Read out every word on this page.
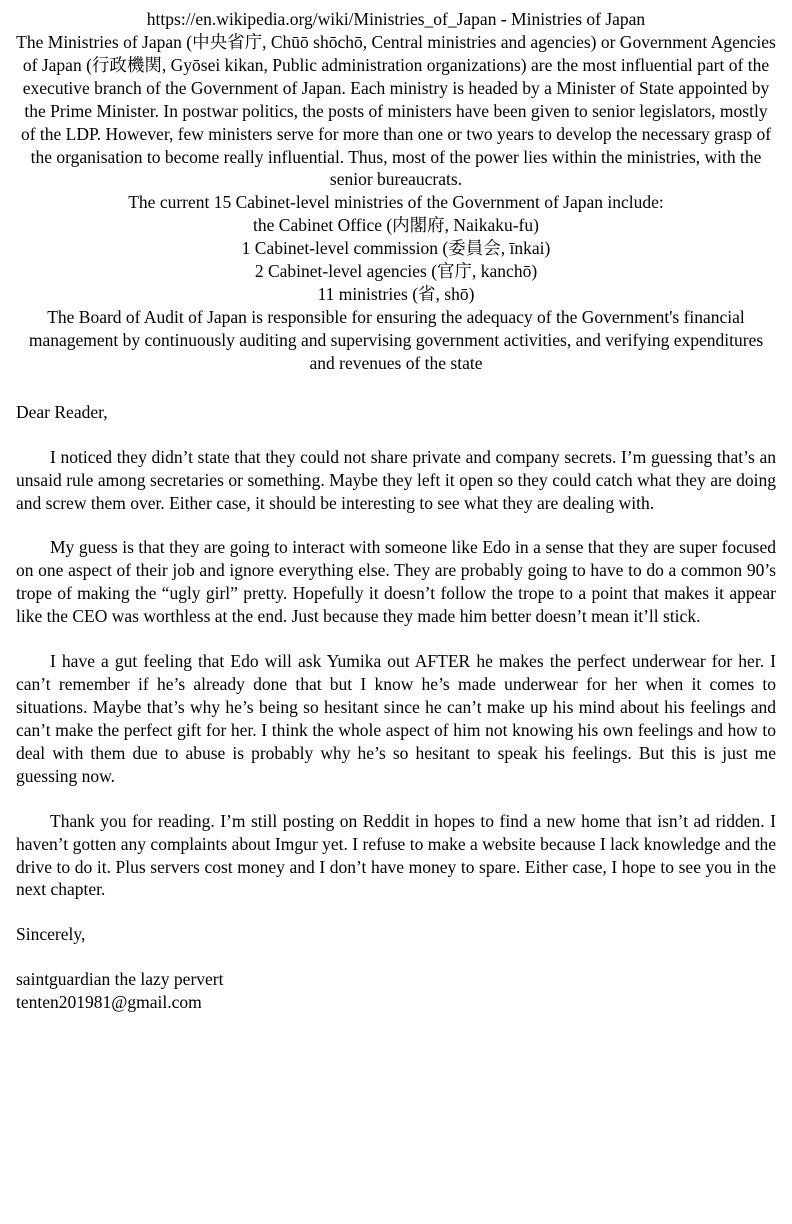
https://en.wikipedia.org/wiki/Ministries_of_Japan - Ministries of Japan

The Ministries of Japan (中央省庁, Chūō shōchō, Central ministries and agencies) or Government Agencies of Japan (行政機関, Gyōsei kikan, Public administration organizations) are the most influential part of the executive branch of the Government of Japan. Each ministry is headed by a Minister of State appointed by the Prime Minister. In postwar politics, the posts of ministers have been given to senior legislators, mostly of the LDP. However, few ministers serve for more than one or two years to develop the necessary grasp of the organisation to become really influential. Thus, most of the power lies within the ministries, with the senior bureaucrats.

The current 15 Cabinet-level ministries of the Government of Japan include:

the Cabinet Office (内閣府, Naikaku-fu)

1 Cabinet-level commission (委員会, īnkai)

2 Cabinet-level agencies (官庁, kanchō)

11 ministries (省, shō)

The Board of Audit of Japan is responsible for ensuring the adequacy of the Government's financial management by continuously auditing and supervising government activities, and verifying expenditures and revenues of the state

Dear Reader,

I noticed they didn’t state that they could not share private and company secrets. I’m guessing that’s an unsaid rule among secretaries or something. Maybe they left it open so they could catch what they are doing and screw them over. Either case, it should be interesting to see what they are dealing with.

My guess is that they are going to interact with someone like Edo in a sense that they are super focused on one aspect of their job and ignore everything else. They are probably going to have to do a common 90’s trope of making the “ugly girl” pretty. Hopefully it doesn’t follow the trope to a point that makes it appear like the CEO was worthless at the end. Just because they made him better doesn’t mean it’ll stick.

I have a gut feeling that Edo will ask Yumika out AFTER he makes the perfect underwear for her. I can’t remember if he’s already done that but I know he’s made underwear for her when it comes to situations. Maybe that’s why he’s being so hesitant since he can’t make up his mind about his feelings and can’t make the perfect gift for her. I think the whole aspect of him not knowing his own feelings and how to deal with them due to abuse is probably why he’s so hesitant to speak his feelings. But this is just me guessing now.

Thank you for reading. I’m still posting on Reddit in hopes to find a new home that isn’t ad ridden. I haven’t gotten any complaints about Imgur yet. I refuse to make a website because I lack knowledge and the drive to do it. Plus servers cost money and I don’t have money to spare. Either case, I hope to see you in the next chapter.

Sincerely,

saintguardian the lazy pervert

tenten201981@gmail.com
